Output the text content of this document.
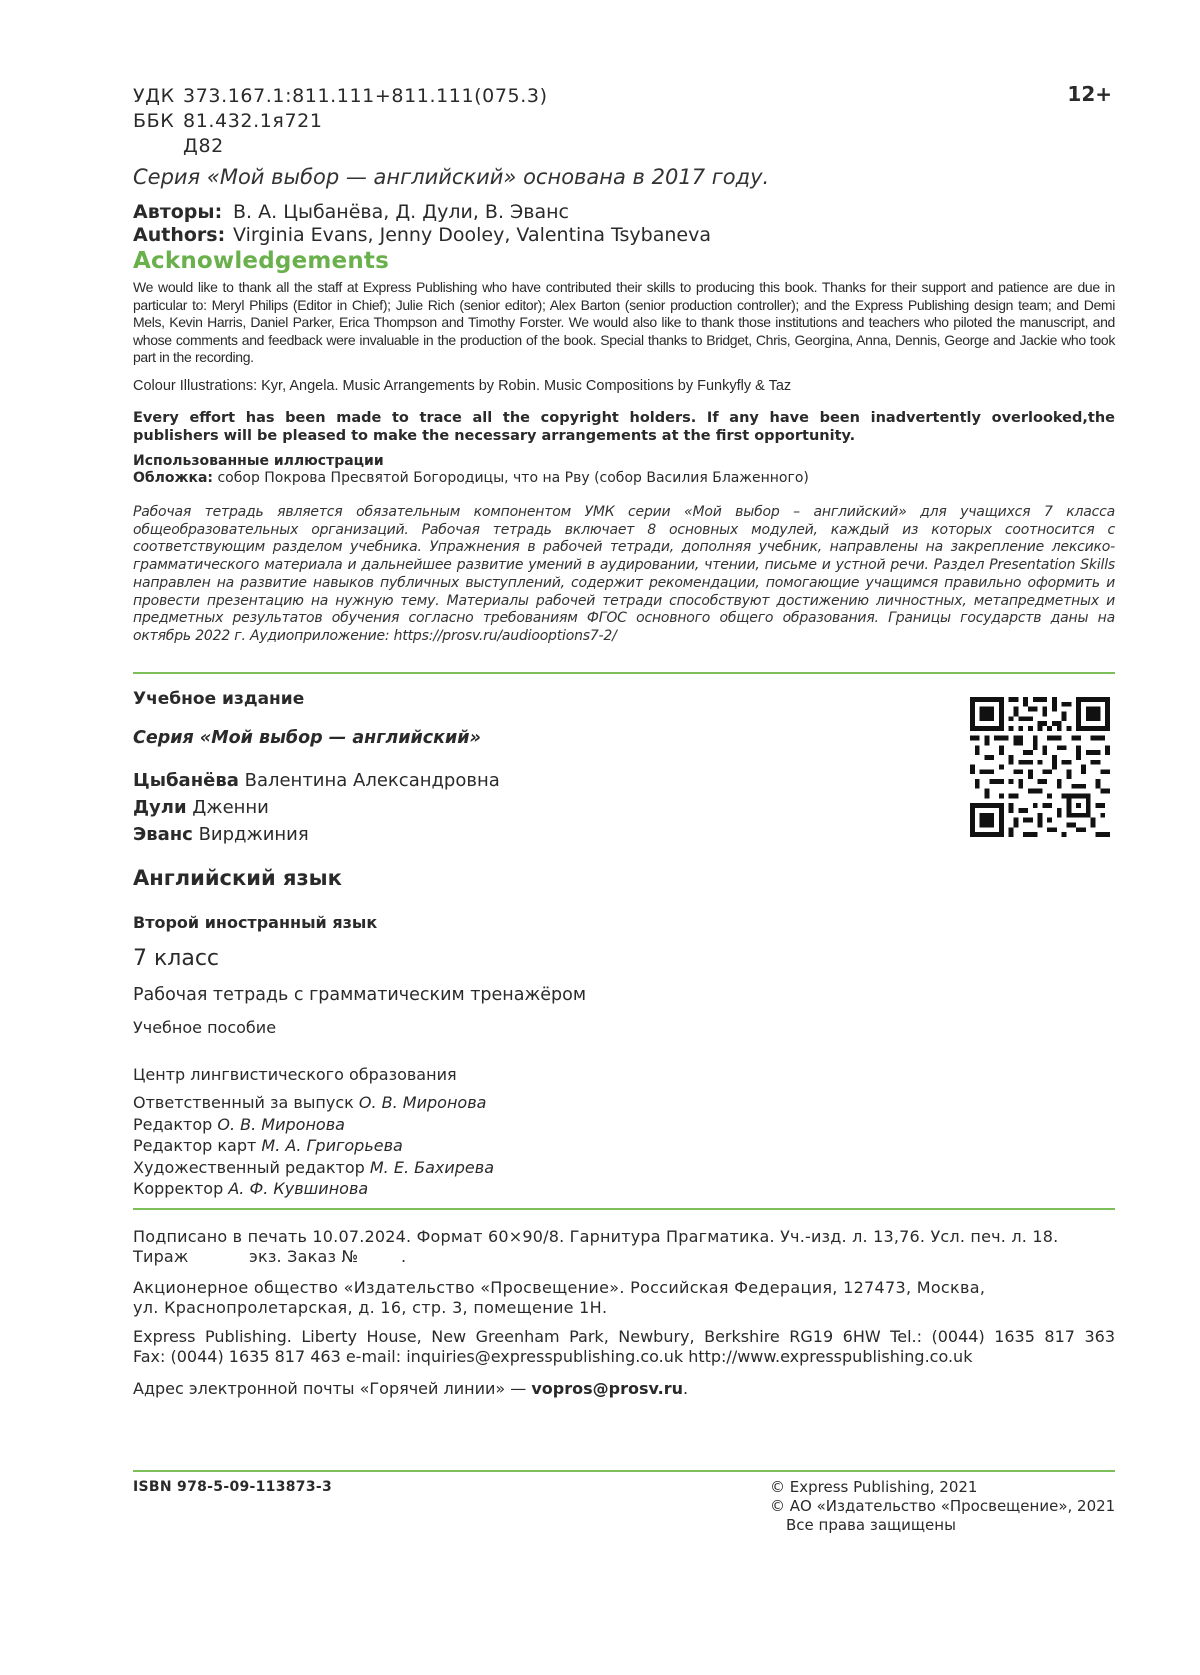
УДК 373.167.1:811.111+811.111(075.3)
ББК 81.432.1я721
Д82
12+
Серия «Мой выбор — английский» основана в 2017 году.
Авторы: В. А. Цыбанёва, Д. Дули, В. Эванс
Authors: Virginia Evans, Jenny Dooley, Valentina Tsybaneva
Acknowledgements
We would like to thank all the staff at Express Publishing who have contributed their skills to producing this book. Thanks for their support and patience are due in particular to: Meryl Philips (Editor in Chief); Julie Rich (senior editor); Alex Barton (senior production controller); and the Express Publishing design team; and Demi Mels, Kevin Harris, Daniel Parker, Erica Thompson and Timothy Forster. We would also like to thank those institutions and teachers who piloted the manuscript, and whose comments and feedback were invaluable in the production of the book. Special thanks to Bridget, Chris, Georgina, Anna, Dennis, George and Jackie who took part in the recording.
Colour Illustrations: Kyr, Angela. Music Arrangements by Robin. Music Compositions by Funkyfly & Taz
Every effort has been made to trace all the copyright holders. If any have been inadvertently overlooked,the publishers will be pleased to make the necessary arrangements at the first opportunity.
Использованные иллюстрации
Обложка: собор Покрова Пресвятой Богородицы, что на Рву (собор Василия Блаженного)
Рабочая тетрадь является обязательным компонентом УМК серии «Мой выбор – английский» для учащихся 7 класса общеобразовательных организаций. Рабочая тетрадь включает 8 основных модулей, каждый из которых соотносится с соответствующим разделом учебника. Упражнения в рабочей тетради, дополняя учебник, направлены на закрепление лексико-грамматического материала и дальнейшее развитие умений в аудировании, чтении, письме и устной речи. Раздел Presentation Skills направлен на развитие навыков публичных выступлений, содержит рекомендации, помогающие учащимся правильно оформить и провести презентацию на нужную тему. Материалы рабочей тетради способствуют достижению личностных, метапредметных и предметных результатов обучения согласно требованиям ФГОС основного общего образования. Границы государств даны на октябрь 2022 г. Аудиоприложение: https://prosv.ru/audiooptions7-2/
Учебное издание
Серия «Мой выбор — английский»
Цыбанёва Валентина Александровна
Дули Дженни
Эванс Вирджиния
Английский язык
Второй иностранный язык
7 класс
Рабочая тетрадь с грамматическим тренажёром
Учебное пособие
Центр лингвистического образования
Ответственный за выпуск О. В. Миронова
Редактор О. В. Миронова
Редактор карт М. А. Григорьева
Художественный редактор М. Е. Бахирева
Корректор А. Ф. Кувшинова
Подписано в печать 10.07.2024. Формат 60×90/8. Гарнитура Прагматика. Уч.-изд. л. 13,76. Усл. печ. л. 18.
Тираж	экз. Заказ №	.
Акционерное общество «Издательство «Просвещение». Российская Федерация, 127473, Москва,
ул. Краснопролетарская, д. 16, стр. 3, помещение 1Н.
Express Publishing. Liberty House, New Greenham Park, Newbury, Berkshire RG19 6HW Tel.: (0044) 1635 817 363
Fax: (0044) 1635 817 463 e-mail: inquiries@expresspublishing.co.uk http://www.expresspublishing.co.uk
Адрес электронной почты «Горячей линии» — vopros@prosv.ru.
ISBN 978-5-09-113873-3	© Express Publishing, 2021
© АО «Издательство «Просвещение», 2021
Все права защищены
